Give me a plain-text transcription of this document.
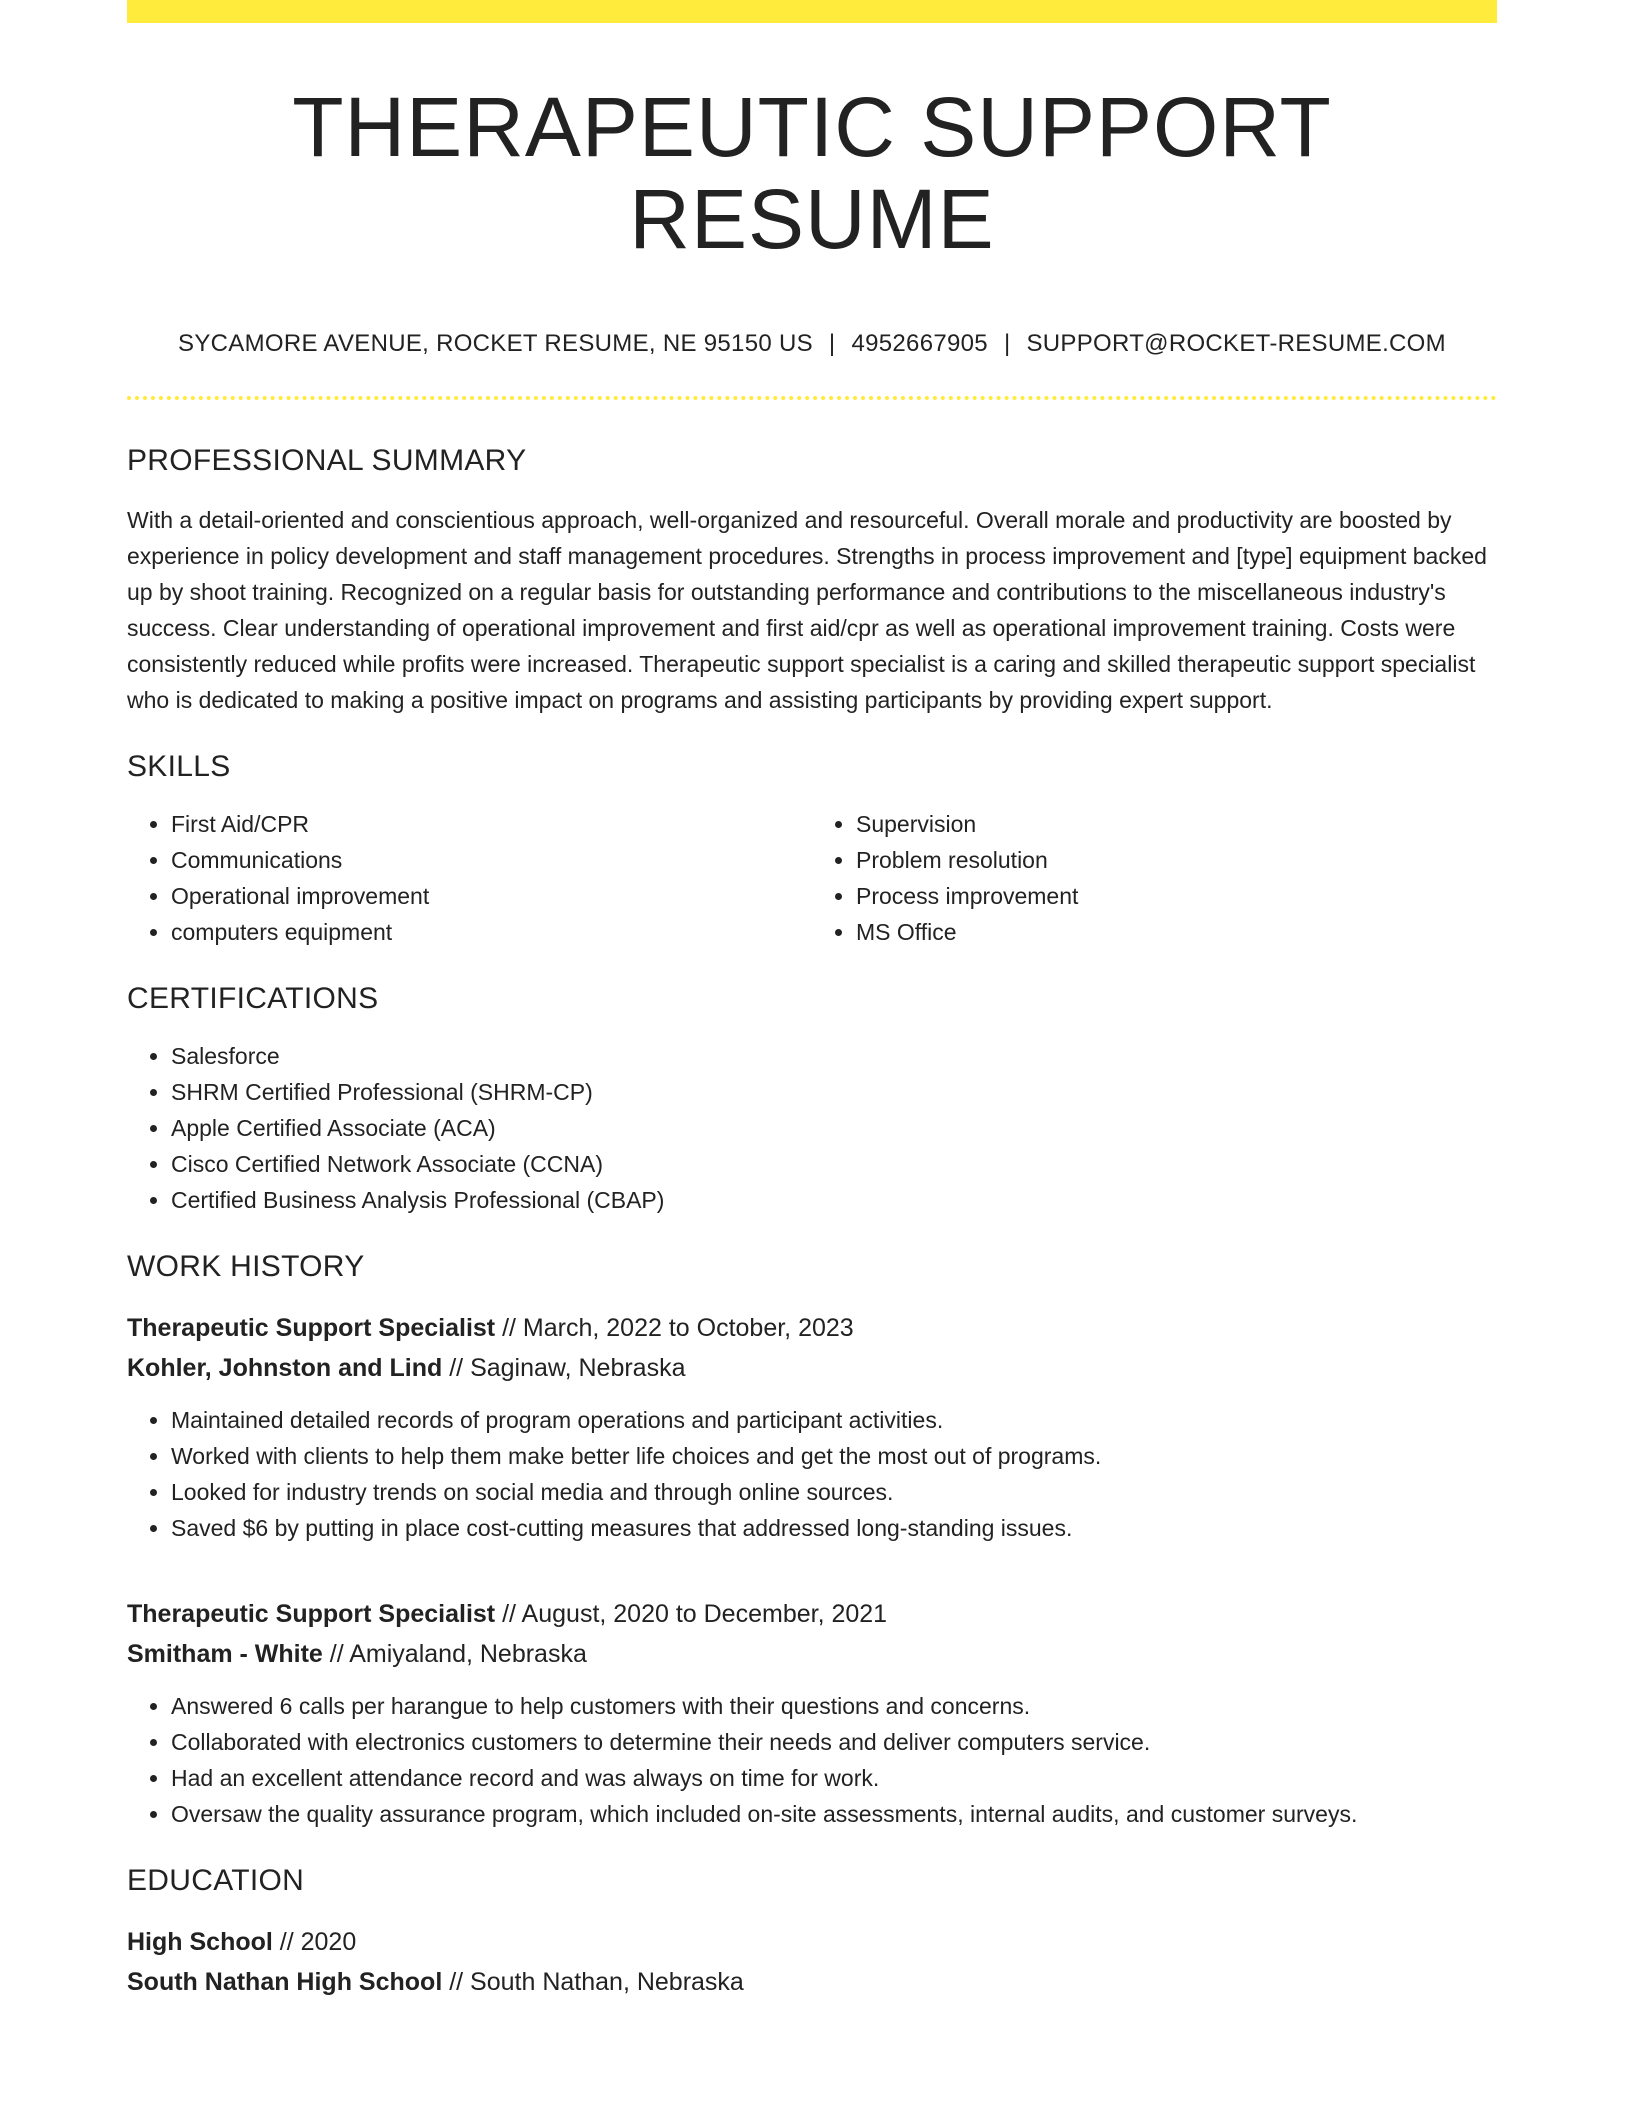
THERAPEUTIC SUPPORT RESUME
SYCAMORE AVENUE, ROCKET RESUME, NE 95150 US | 4952667905 | SUPPORT@ROCKET-RESUME.COM
PROFESSIONAL SUMMARY

With a detail-oriented and conscientious approach, well-organized and resourceful. Overall morale and productivity are boosted by experience in policy development and staff management procedures. Strengths in process improvement and [type] equipment backed up by shoot training. Recognized on a regular basis for outstanding performance and contributions to the miscellaneous industry's success. Clear understanding of operational improvement and first aid/cpr as well as operational improvement training. Costs were consistently reduced while profits were increased. Therapeutic support specialist is a caring and skilled therapeutic support specialist who is dedicated to making a positive impact on programs and assisting participants by providing expert support.

SKILLS
• First Aid/CPR
• Communications
• Operational improvement
• computers equipment
• Supervision
• Problem resolution
• Process improvement
• MS Office
CERTIFICATIONS
• Salesforce
• SHRM Certified Professional (SHRM-CP)
• Apple Certified Associate (ACA)
• Cisco Certified Network Associate (CCNA)
• Certified Business Analysis Professional (CBAP)
WORK HISTORY

Therapeutic Support Specialist // March, 2022 to October, 2023

Kohler, Johnston and Lind // Saginaw, Nebraska

• Maintained detailed records of program operations and participant activities.
• Worked with clients to help them make better life choices and get the most out of programs.
• Looked for industry trends on social media and through online sources.
• Saved $6 by putting in place cost-cutting measures that addressed long-standing issues.

Therapeutic Support Specialist // August, 2020 to December, 2021

Smitham - White // Amiyaland, Nebraska

• Answered 6 calls per harangue to help customers with their questions and concerns.
• Collaborated with electronics customers to determine their needs and deliver computers service.
• Had an excellent attendance record and was always on time for work.
• Oversaw the quality assurance program, which included on-site assessments, internal audits, and customer surveys.
EDUCATION

High School // 2020

South Nathan High School // South Nathan, Nebraska
